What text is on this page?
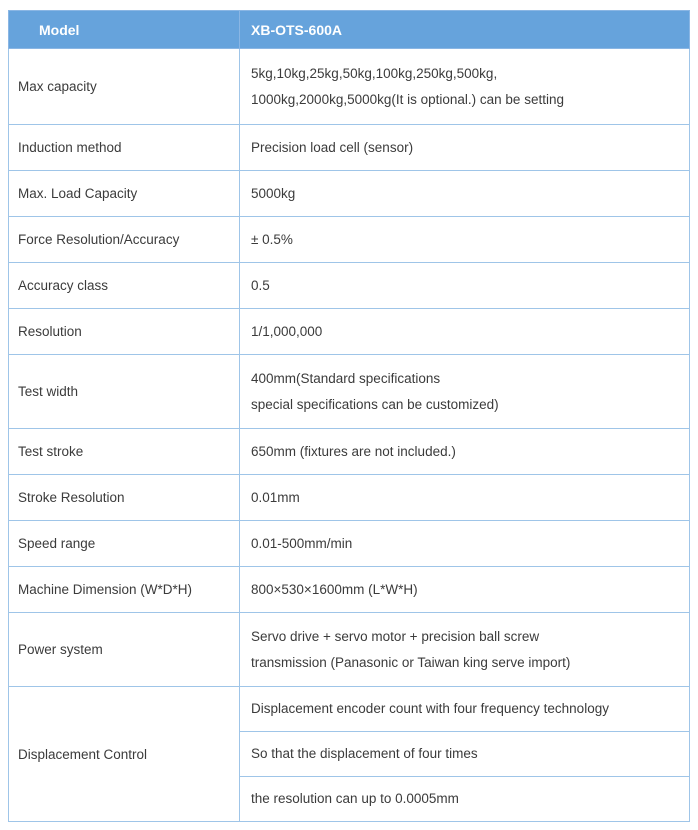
Model	XB-OTS-600A
Max capacity	5kg,10kg,25kg,50kg,100kg,250kg,500kg,
1000kg,2000kg,5000kg(It is optional.) can be setting

Induction method	Precision load cell (sensor)

Max. Load Capacity	5000kg

Force Resolution/Accuracy	± 0.5%

Accuracy class	0.5

Resolution	1/1,000,000

Test width	400mm(Standard specifications
special specifications can be customized)

Test stroke	650mm (fixtures are not included.)

Stroke Resolution	0.01mm

Speed range	0.01-500mm/min

Machine Dimension (W*D*H)	800×530×1600mm (L*W*H)

Power system	Servo drive + servo motor + precision ball screw
transmission (Panasonic or Taiwan king serve import)

Displacement Control	Displacement encoder count with four frequency technology

	So that the displacement of four times

	the resolution can up to 0.0005mm
